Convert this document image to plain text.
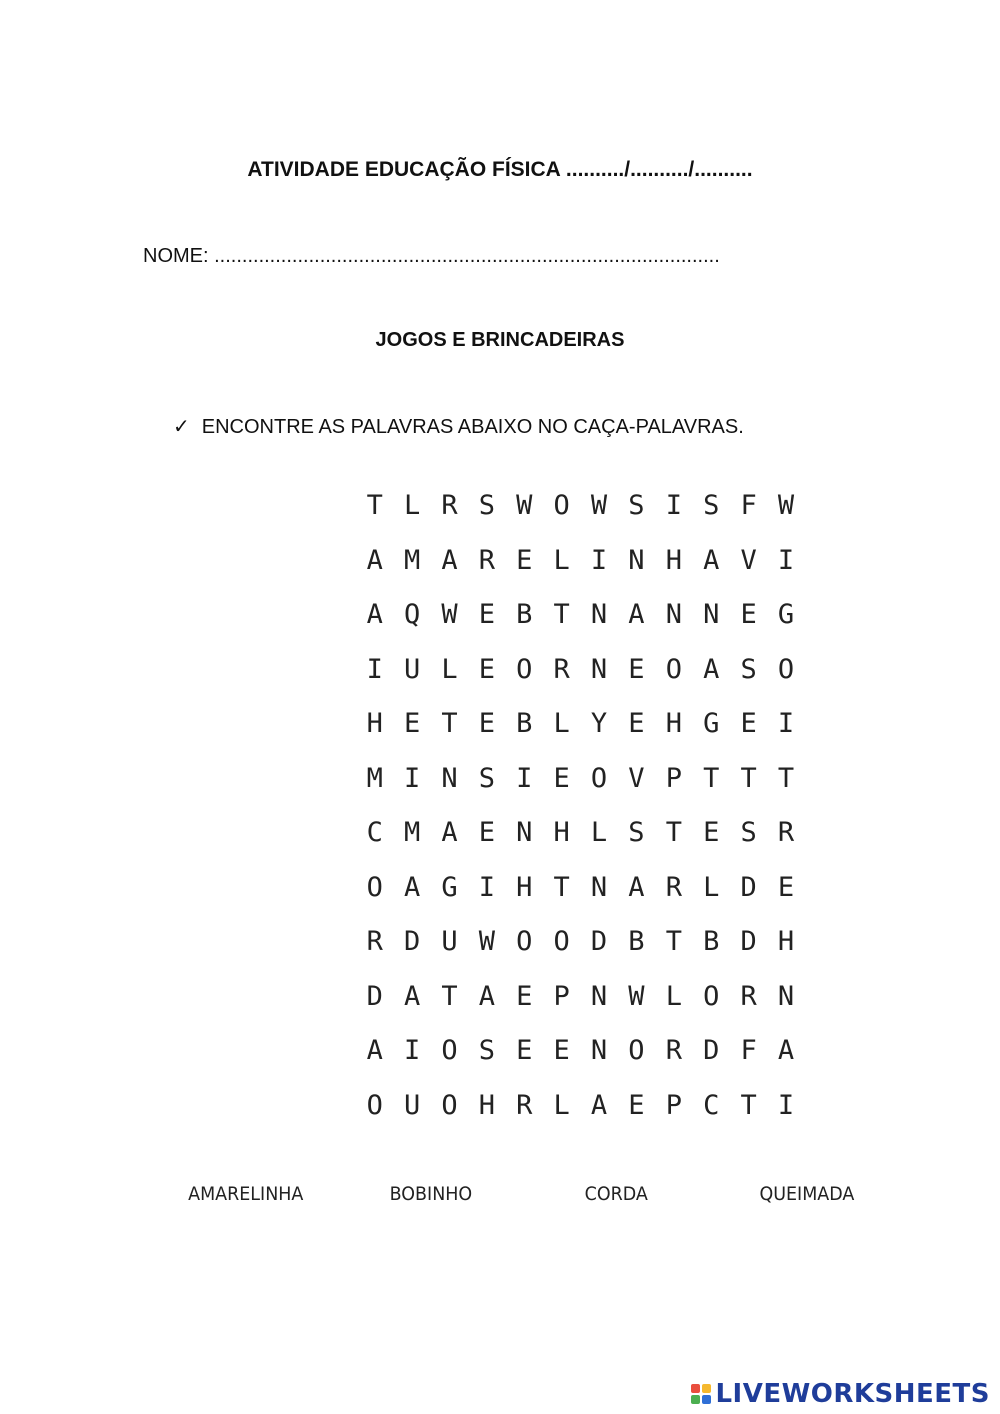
ATIVIDADE EDUCAÇÃO FÍSICA ........../........../..........
NOME: ...........................................................................................
JOGOS E BRINCADEIRAS
✓ ENCONTRE AS PALAVRAS ABAIXO NO CAÇA-PALAVRAS.
T L R S W O W S I S F W
A M A R E L I N H A V I
A Q W E B T N A N N E G
I U L E O R N E O A S O
H E T E B L Y E H G E I
M I N S I E O V P T T T
C M A E N H L S T E S R
O A G I H T N A R L D E
R D U W O O D B T B D H
D A T A E P N W L O R N
A I O S E E N O R D F A
O U O H R L A E P C T I
AMARELINHA	BOBINHO	CORDA	QUEIMADA
LIVEWORKSHEETS
